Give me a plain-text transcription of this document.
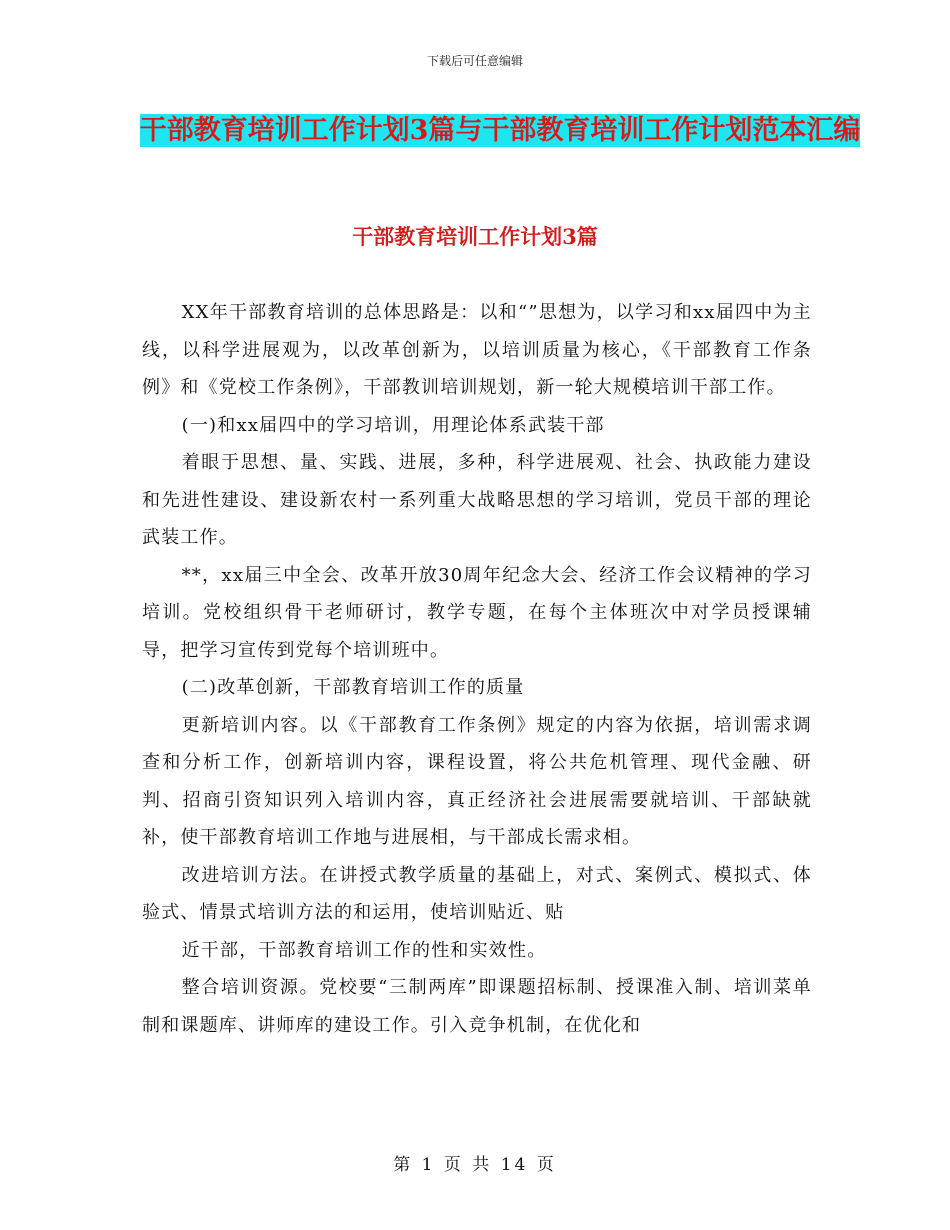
下载后可任意编辑
干部教育培训工作计划3篇与干部教育培训工作计划范本汇编
干部教育培训工作计划3篇

XX年干部教育培训的总体思路是：以和“”思想为，以学习和xx届四中为主线，以科学进展观为，以改革创新为，以培训质量为核心，《干部教育工作条例》和《党校工作条例》，干部教训培训规划，新一轮大规模培训干部工作。

(一)和xx届四中的学习培训，用理论体系武装干部

着眼于思想、量、实践、进展，多种，科学进展观、社会、执政能力建设和先进性建设、建设新农村一系列重大战略思想的学习培训，党员干部的理论武装工作。

**，xx届三中全会、改革开放30周年纪念大会、经济工作会议精神的学习培训。党校组织骨干老师研讨，教学专题，在每个主体班次中对学员授课辅导，把学习宣传到党每个培训班中。

(二)改革创新，干部教育培训工作的质量

更新培训内容。以《干部教育工作条例》规定的内容为依据，培训需求调查和分析工作，创新培训内容，课程设置，将公共危机管理、现代金融、研判、招商引资知识列入培训内容，真正经济社会进展需要就培训、干部缺就补，使干部教育培训工作地与进展相，与干部成长需求相。

改进培训方法。在讲授式教学质量的基础上，对式、案例式、模拟式、体验式、情景式培训方法的和运用，使培训贴近、贴

近干部，干部教育培训工作的性和实效性。

整合培训资源。党校要“三制两库”即课题招标制、授课准入制、培训菜单制和课题库、讲师库的建设工作。引入竞争机制，在优化和

第 1 页 共 14 页
